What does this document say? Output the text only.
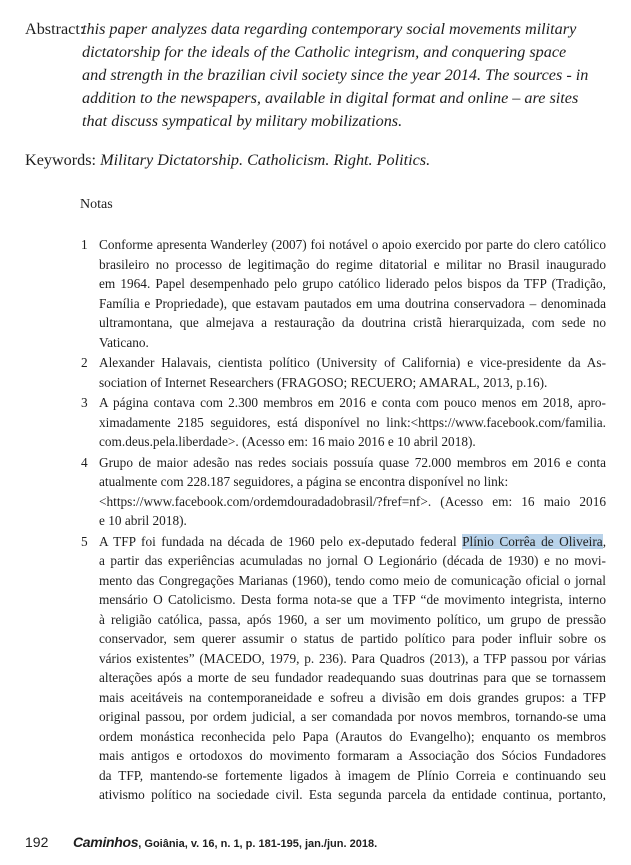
Abstract:
this paper analyzes data regarding contemporary social movements military
dictatorship for the ideals of the Catholic integrism, and conquering space
and strength in the brazilian civil society since the year 2014. The sources - in
addition to the newspapers, available in digital format and online – are sites
that discuss sympatical by military mobilizations.
Keywords: Military Dictatorship. Catholicism. Right. Politics.
Notas
1 Conforme apresenta Wanderley (2007) foi notável o apoio exercido por parte do clero católico
brasileiro no processo de legitimação do regime ditatorial e militar no Brasil inaugurado
em 1964. Papel desempenhado pelo grupo católico liderado pelos bispos da TFP (Tradição,
Família e Propriedade), que estavam pautados em uma doutrina conservadora – denominada
ultramontana, que almejava a restauração da doutrina cristã hierarquizada, com sede no
Vaticano.
2 Alexander Halavais, cientista político (University of California) e vice-presidente da As-
sociation of Internet Researchers (FRAGOSO; RECUERO; AMARAL, 2013, p.16).
3 A página contava com 2.300 membros em 2016 e conta com pouco menos em 2018, apro-
ximadamente 2185 seguidores, está disponível no link:<https://www.facebook.com/familia.
com.deus.pela.liberdade>. (Acesso em: 16 maio 2016 e 10 abril 2018).
4 Grupo de maior adesão nas redes sociais possuía quase 72.000 membros em 2016 e conta
atualmente com 228.187 seguidores, a página se encontra disponível no link:
<https://www.facebook.com/ordemdouradadobrasil/?fref=nf>. (Acesso em: 16 maio 2016
e 10 abril 2018).
5 A TFP foi fundada na década de 1960 pelo ex-deputado federal Plínio Corrêa de Oliveira,
a partir das experiências acumuladas no jornal O Legionário (década de 1930) e no movi-
mento das Congregações Marianas (1960), tendo como meio de comunicação oficial o jornal
mensário O Catolicismo. Desta forma nota-se que a TFP “de movimento integrista, interno
à religião católica, passa, após 1960, a ser um movimento político, um grupo de pressão
conservador, sem querer assumir o status de partido político para poder influir sobre os
vários existentes” (MACEDO, 1979, p. 236). Para Quadros (2013), a TFP passou por várias
alterações após a morte de seu fundador readequando suas doutrinas para que se tornassem
mais aceitáveis na contemporaneidade e sofreu a divisão em dois grandes grupos: a TFP
original passou, por ordem judicial, a ser comandada por novos membros, tornando-se uma
ordem monástica reconhecida pelo Papa (Arautos do Evangelho); enquanto os membros
mais antigos e ortodoxos do movimento formaram a Associação dos Sócios Fundadores
da TFP, mantendo-se fortemente ligados à imagem de Plínio Correia e continuando seu
ativismo político na sociedade civil. Esta segunda parcela da entidade continua, portanto,
192 Caminhos, Goiânia, v. 16, n. 1, p. 181-195, jan./jun. 2018.
